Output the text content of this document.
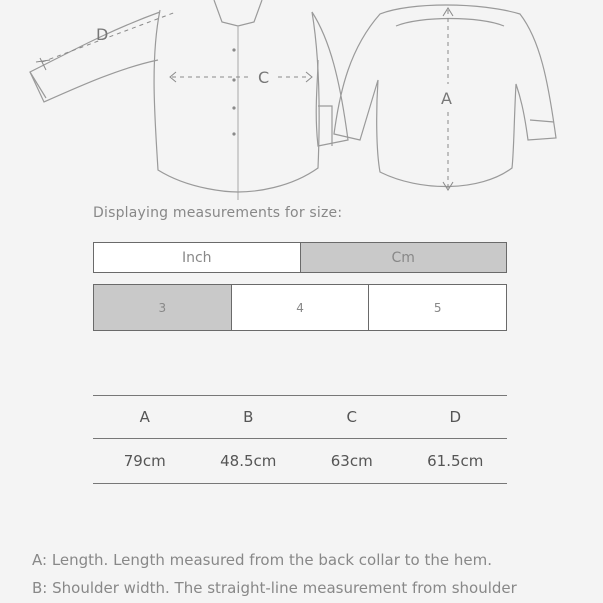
D
C
A
Displaying measurements for size:
Inch	Cm
3	4	5
A	B	C	D
79cm	48.5cm	63cm	61.5cm

A: Length. Length measured from the back collar to the hem.

B: Shoulder width. The straight-line measurement from shoulder
